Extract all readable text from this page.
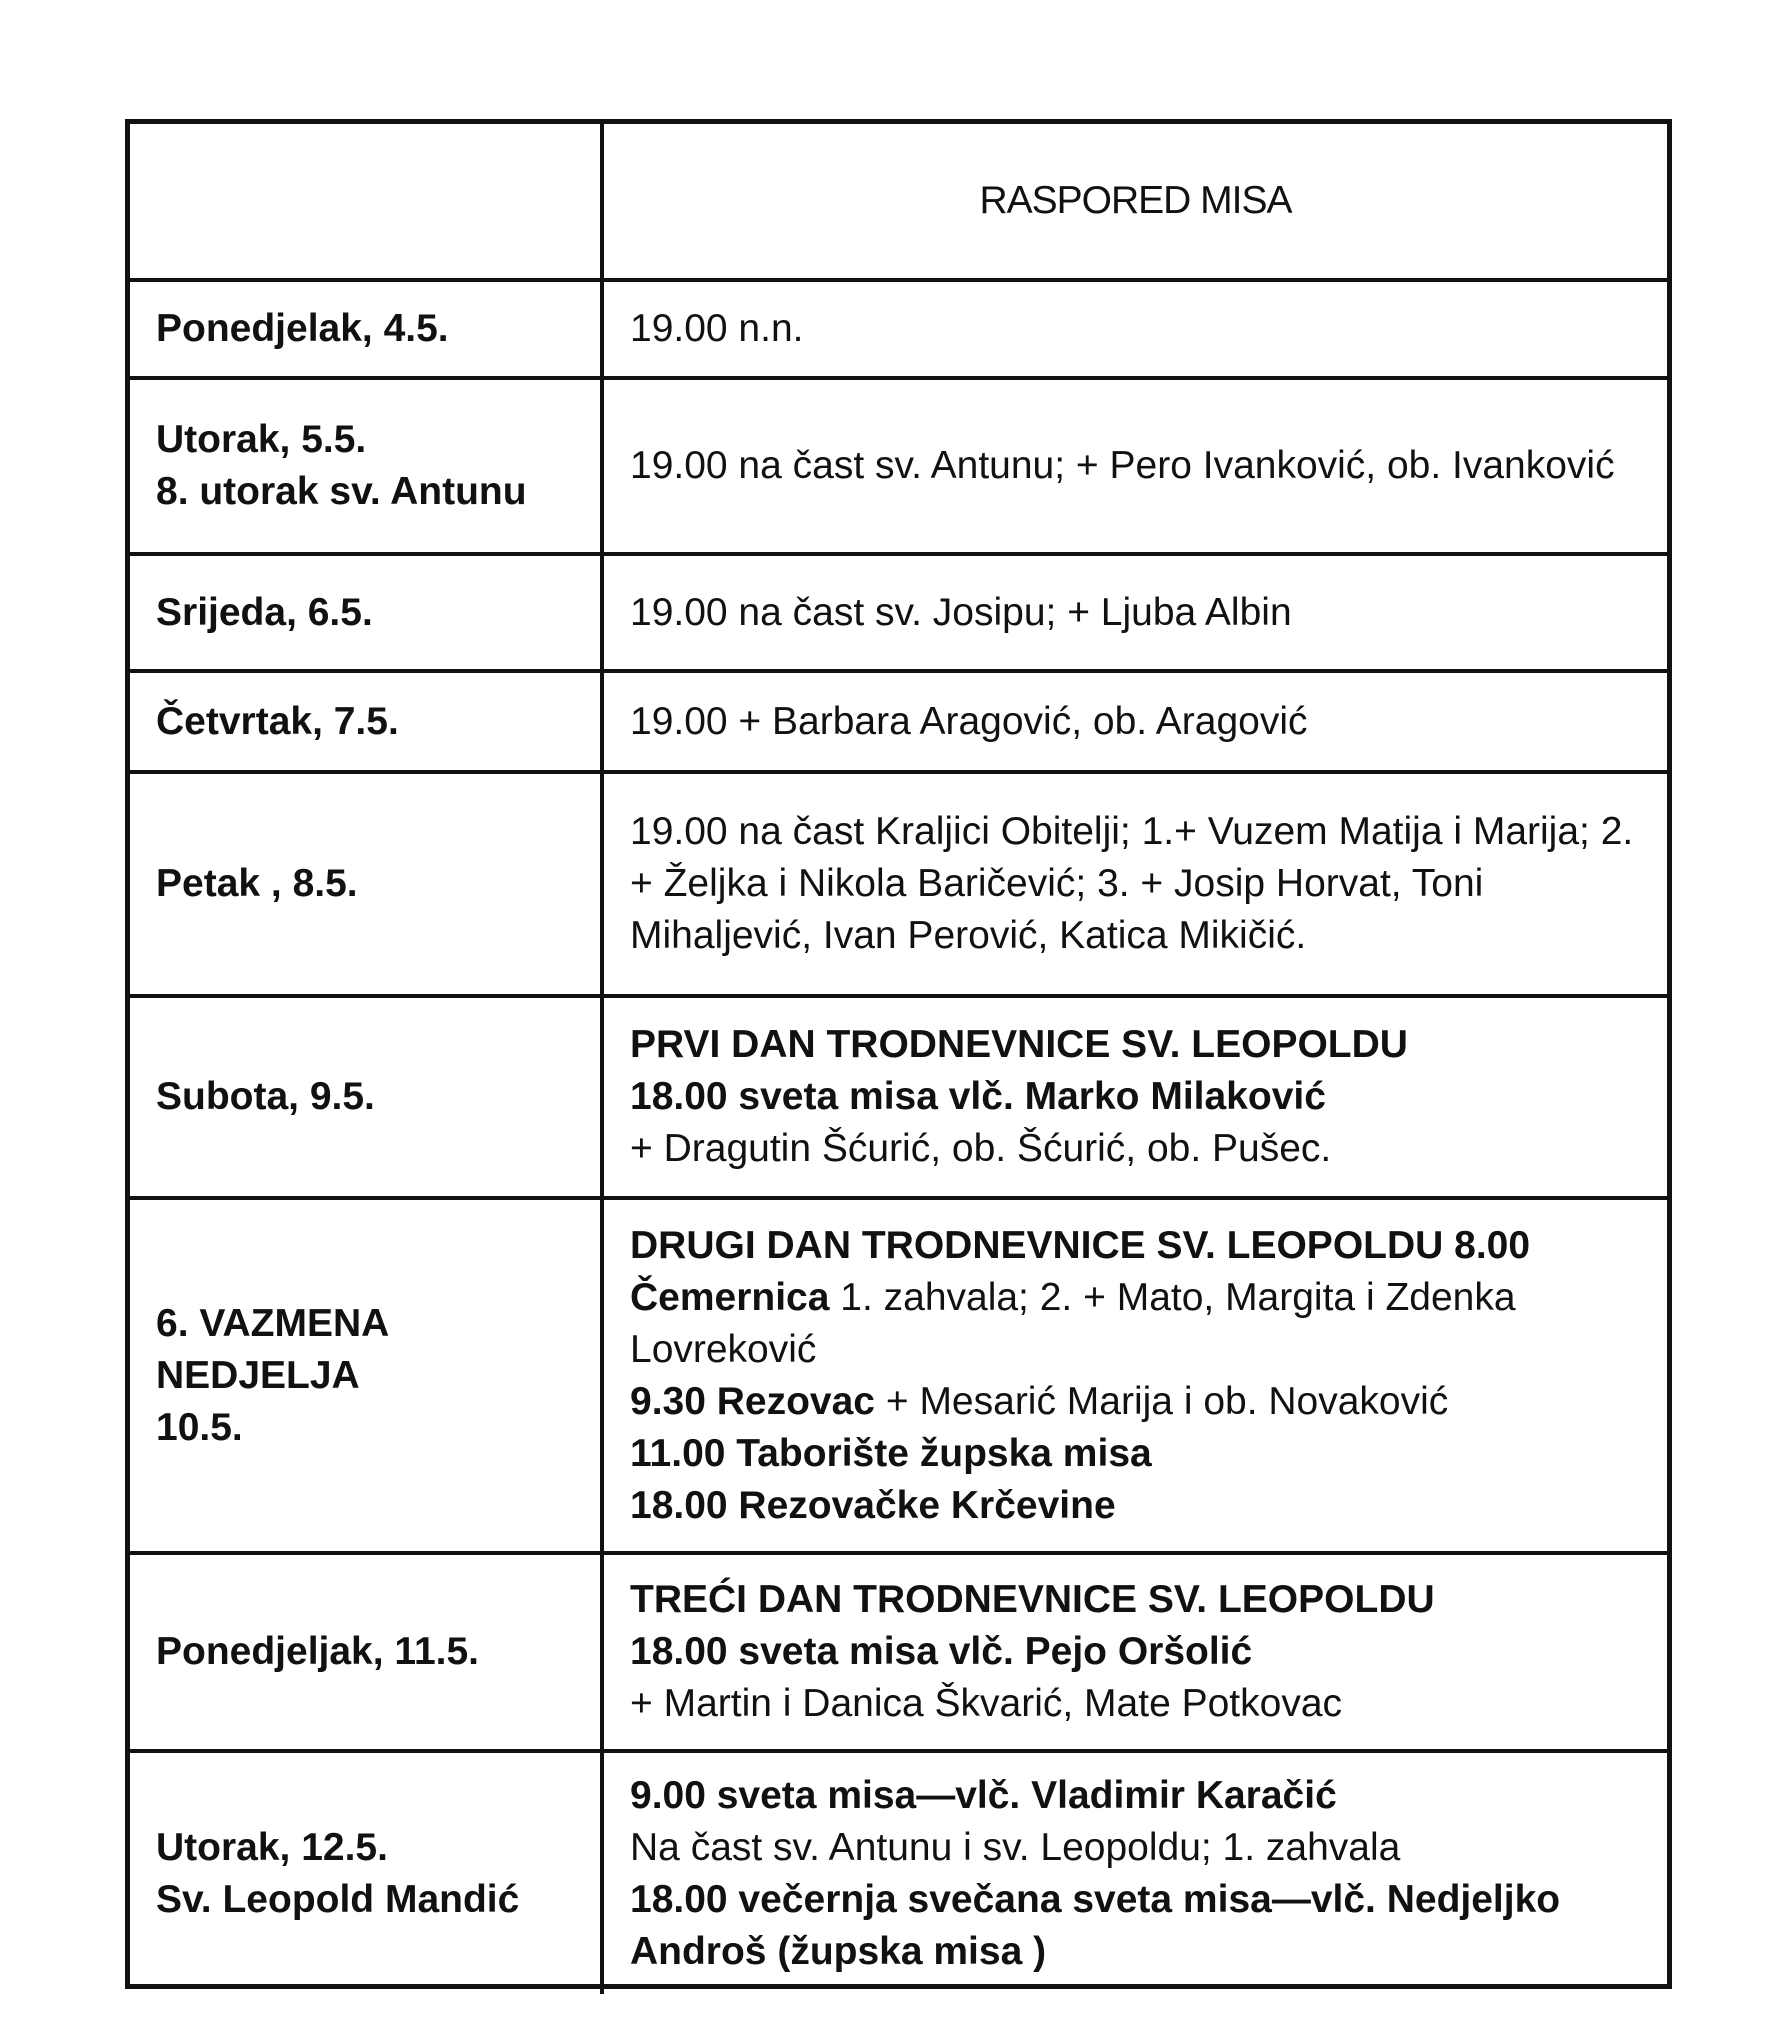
	RASPORED MISA

Ponedjelak, 4.5.	19.00 n.n.

Utorak, 5.5.
8. utorak sv. Antunu	19.00 na čast sv. Antunu; + Pero Ivanković, ob. Ivanković

Srijeda, 6.5.	19.00 na čast sv. Josipu; + Ljuba Albin

Četvrtak, 7.5.	19.00 + Barbara Aragović, ob. Aragović

Petak , 8.5.	19.00 na čast Kraljici Obitelji; 1.+ Vuzem Matija i Marija; 2. + Željka i Nikola Baričević; 3. + Josip Horvat, Toni Mihaljević, Ivan Perović, Katica Mikičić.

Subota, 9.5.	PRVI DAN TRODNEVNICE SV. LEOPOLDU
18.00 sveta misa vlč. Marko Milaković
+ Dragutin Šćurić, ob. Šćurić, ob. Pušec.

6. VAZMENA
NEDJELJA
10.5.	DRUGI DAN TRODNEVNICE SV. LEOPOLDU 8.00 Čemernica 1. zahvala; 2. + Mato, Margita i Zdenka Lovreković
9.30 Rezovac + Mesarić Marija i ob. Novaković
11.00 Taborište župska misa
18.00 Rezovačke Krčevine

Ponedjeljak, 11.5.	TREĆI DAN TRODNEVNICE SV. LEOPOLDU
18.00 sveta misa vlč. Pejo Oršolić
+ Martin i Danica Škvarić, Mate Potkovac

Utorak, 12.5.
Sv. Leopold Mandić	9.00 sveta misa—vlč. Vladimir Karačić
Na čast sv. Antunu i sv. Leopoldu; 1. zahvala
18.00 večernja svečana sveta misa—vlč. Nedjeljko Androš (župska misa )
